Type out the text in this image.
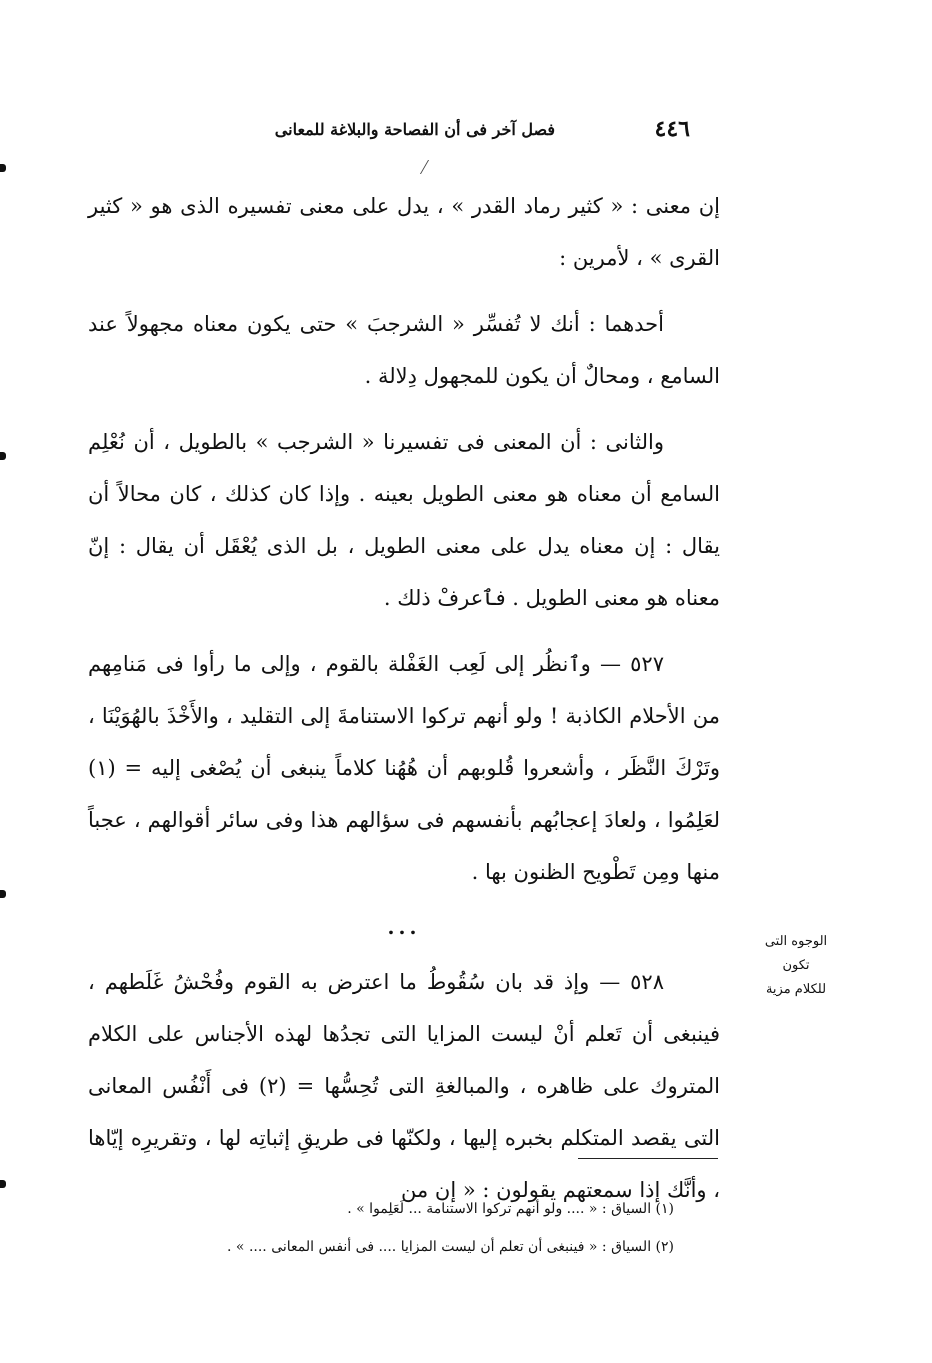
٤٤٦
فصل آخر فى أن الفصاحة والبلاغة للمعانى

إن معنى : « كثير رماد القدر » ، يدل على معنى تفسيره الذى هو « كثير القرى » ، لأمرين :

أحدهما : أنك لا تُفسِّر « الشرجبَ » حتى يكون معناه مجهولاً عند السامع ، ومحالٌ أن يكون للمجهول دِلالة .

والثانى : أن المعنى فى تفسيرنا « الشرجب » بالطويل ، أن نُعْلِم السامع أن معناه هو معنى الطويل بعينه . وإذا كان كذلك ، كان محالاً أن يقال : إن معناه يدل على معنى الطويل ، بل الذى يُعْقَل أن يقال : إنّ معناه هو معنى الطويل . فٱعرفْ ذلك .

٥٢٧ — وٱنظُر إلى لَعِب الغَفْلة بالقوم ، وإلى ما رأوا فى مَنامِهم من الأحلام الكاذبة ! ولو أنهم تركوا الاستنامةَ إلى التقليد ، والأَخْذَ بالهُوَيْنَا ، وتَرْكَ النَّظَر ، وأشعروا قُلوبهم أن هُهُنا كلاماً ينبغى أن يُصْغى إليه = (١) لعَلِمُوا ، ولعادَ إعجابُهم بأنفسهم فى سؤالهم هذا وفى سائر أقوالهم ، عجباً منها ومِن تَطْويح الظنون بها .

...

٥٢٨ — وإذ قد بان سُقُوطُ ما اعترض به القوم وفُحْشُ غَلَطهم ، فينبغى أن تَعلم أنْ ليست المزايا التى تجدُها لهذه الأجناس على الكلام المتروك على ظاهره ، والمبالغةِ التى تُحِسُّها = (٢) فى أَنْفُس المعانى التى يقصد المتكلم بخبره إليها ، ولكنّها فى طريقِ إثباتِه لها ، وتقريرِه إيّاها ، وأنَّك إذا سمعتهم يقولون : « إن من

الوجوه التى تكون
للكلام مزية
(١) السياق : « .... ولو أنهم تركوا الاستنامة ... لَعَلِموا » .
(٢) السياق : « فينبغى أن تعلم أن ليست المزايا .... فى أنفس المعانى .... » .
